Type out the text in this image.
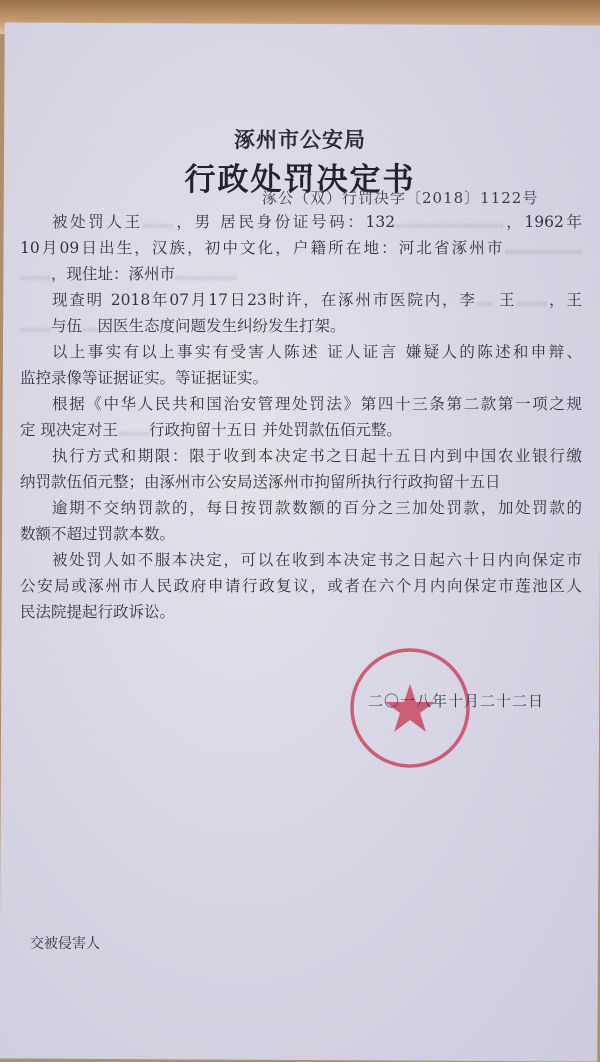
涿州市公安局
行政处罚决定书
涿公（双）行罚决字〔2018〕1122号
被处罚人王……，男 居民身份证号码：132…………………，1962年
10月09日出生，汉族，初中文化，户籍所在地：河北省涿州市……………
……，现住址：涿州市…………
现查明 2018年07月17日23时许，在涿州市医院内，李… 王……，王
……与伍…因医生态度问题发生纠纷发生打架。
以上事实有以上事实有受害人陈述 证人证言 嫌疑人的陈述和申辩、
监控录像等证据证实。等证据证实。
根据《中华人民共和国治安管理处罚法》第四十三条第二款第一项之规
定 现决定对王……行政拘留十五日 并处罚款伍佰元整。
执行方式和期限：限于收到本决定书之日起十五日内到中国农业银行缴
纳罚款伍佰元整；由涿州市公安局送涿州市拘留所执行行政拘留十五日
逾期不交纳罚款的，每日按罚款数额的百分之三加处罚款，加处罚款的
数额不超过罚款本数。
被处罚人如不服本决定，可以在收到本决定书之日起六十日内向保定市
公安局或涿州市人民政府申请行政复议，或者在六个月内向保定市莲池区人
民法院提起行政诉讼。
二〇一八年十月二十二日
交被侵害人
